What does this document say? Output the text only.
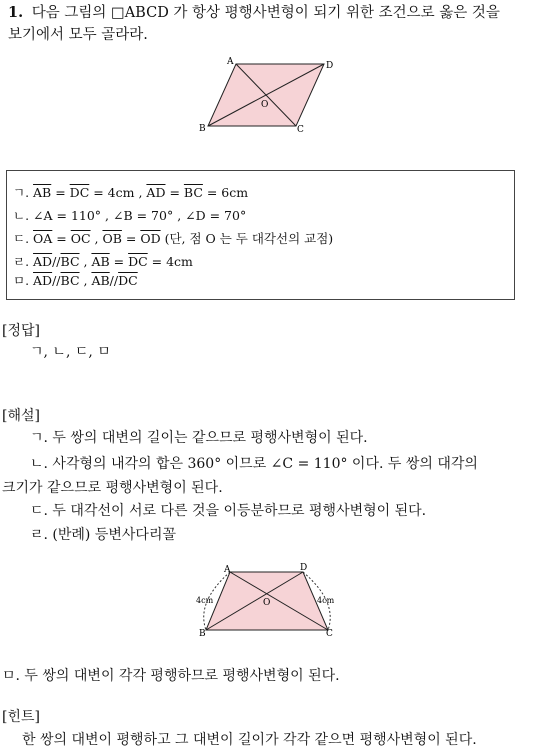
1. 다음 그림의 □ABCD 가 항상 평행사변형이 되기 위한 조건으로 옳은 것을
보기에서 모두 골라라.
A	D
B	C
O
ㄱ. $\overline{AB} = \overline{DC} = 4cm$ , $\overline{AD} = \overline{BC} = 6cm$
ㄴ. ∠A = 110° , ∠B = 70° , ∠D = 70°
ㄷ. $\overline{OA} = \overline{OC}$ , $\overline{OB} = \overline{OD}$ (단, 점 O 는 두 대각선의 교점)
ㄹ. $\overline{AD}//\overline{BC}$ , $\overline{AB} = \overline{DC} = 4cm$
ㅁ. $\overline{AD}//\overline{BC}$ , $\overline{AB}//\overline{DC}$
[정답]
ㄱ, ㄴ, ㄷ, ㅁ
[해설]
ㄱ. 두 쌍의 대변의 길이는 같으므로 평행사변형이 된다.
ㄴ. 사각형의 내각의 합은 360° 이므로 ∠C = 110° 이다. 두 쌍의 대각의
크기가 같으므로 평행사변형이 된다.
ㄷ. 두 대각선이 서로 다른 것을 이등분하므로 평행사변형이 된다.
ㄹ. (반례) 등변사다리꼴
A	D
B	C
O
4cm	4cm
ㅁ. 두 쌍의 대변이 각각 평행하므로 평행사변형이 된다.
[힌트]
한 쌍의 대변이 평행하고 그 대변이 길이가 각각 같으면 평행사변형이 된다.
